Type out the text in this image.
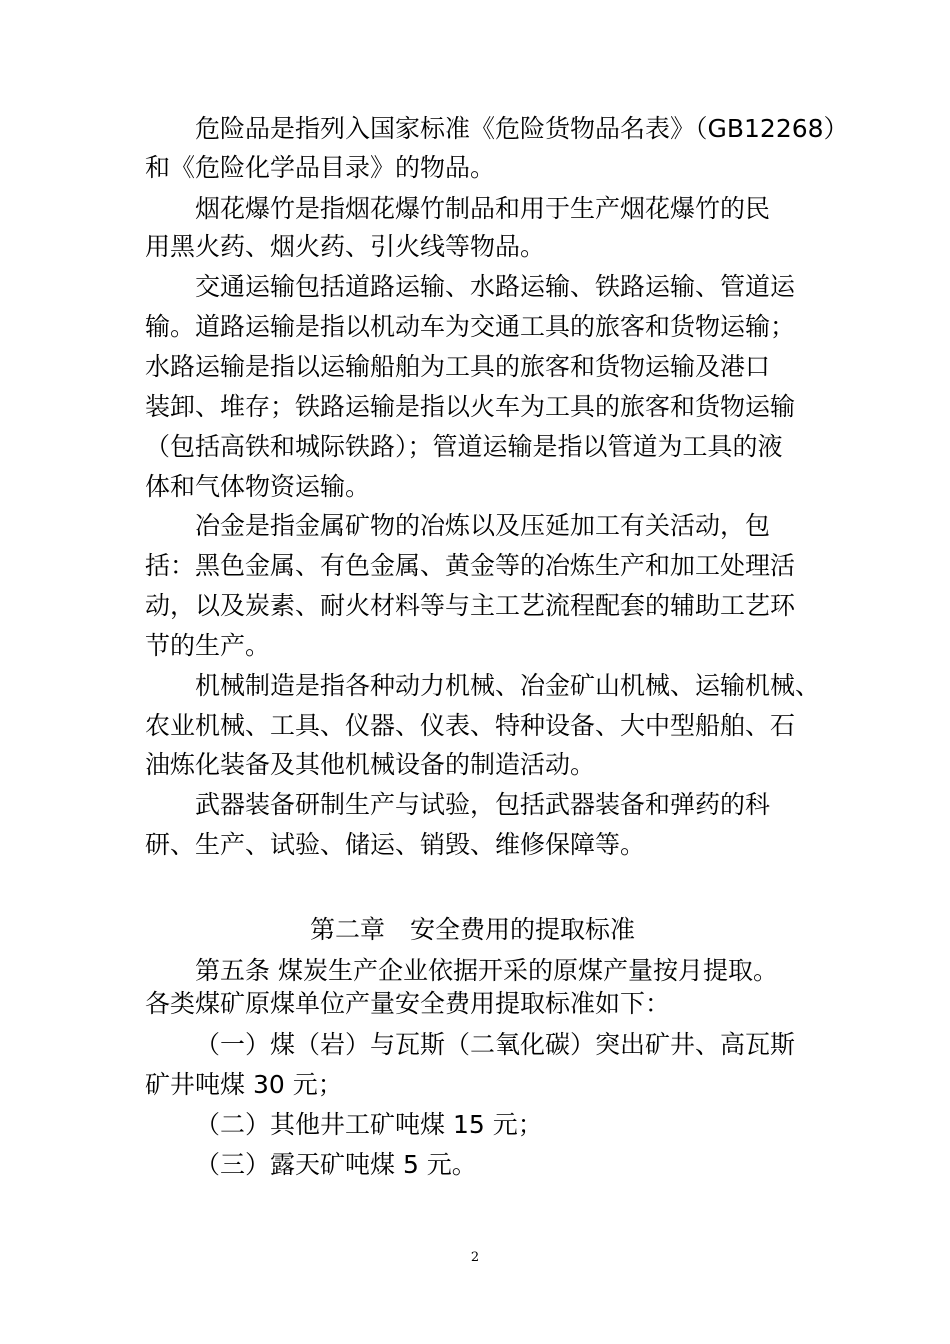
危险品是指列入国家标准《危险货物品名表》（GB12268）
和《危险化学品目录》的物品。
烟花爆竹是指烟花爆竹制品和用于生产烟花爆竹的民
用黑火药、烟火药、引火线等物品。
交通运输包括道路运输、水路运输、铁路运输、管道运
输。道路运输是指以机动车为交通工具的旅客和货物运输；
水路运输是指以运输船舶为工具的旅客和货物运输及港口
装卸、堆存；铁路运输是指以火车为工具的旅客和货物运输
（包括高铁和城际铁路）；管道运输是指以管道为工具的液
体和气体物资运输。
冶金是指金属矿物的冶炼以及压延加工有关活动，包
括：黑色金属、有色金属、黄金等的冶炼生产和加工处理活
动，以及炭素、耐火材料等与主工艺流程配套的辅助工艺环
节的生产。
机械制造是指各种动力机械、冶金矿山机械、运输机械、
农业机械、工具、仪器、仪表、特种设备、大中型船舶、石
油炼化装备及其他机械设备的制造活动。
武器装备研制生产与试验，包括武器装备和弹药的科
研、生产、试验、储运、销毁、维修保障等。
第二章　安全费用的提取标准
第五条 煤炭生产企业依据开采的原煤产量按月提取。
各类煤矿原煤单位产量安全费用提取标准如下：
（一）煤（岩）与瓦斯（二氧化碳）突出矿井、高瓦斯
矿井吨煤 30 元；
（二）其他井工矿吨煤 15 元；
（三）露天矿吨煤 5 元。
2
